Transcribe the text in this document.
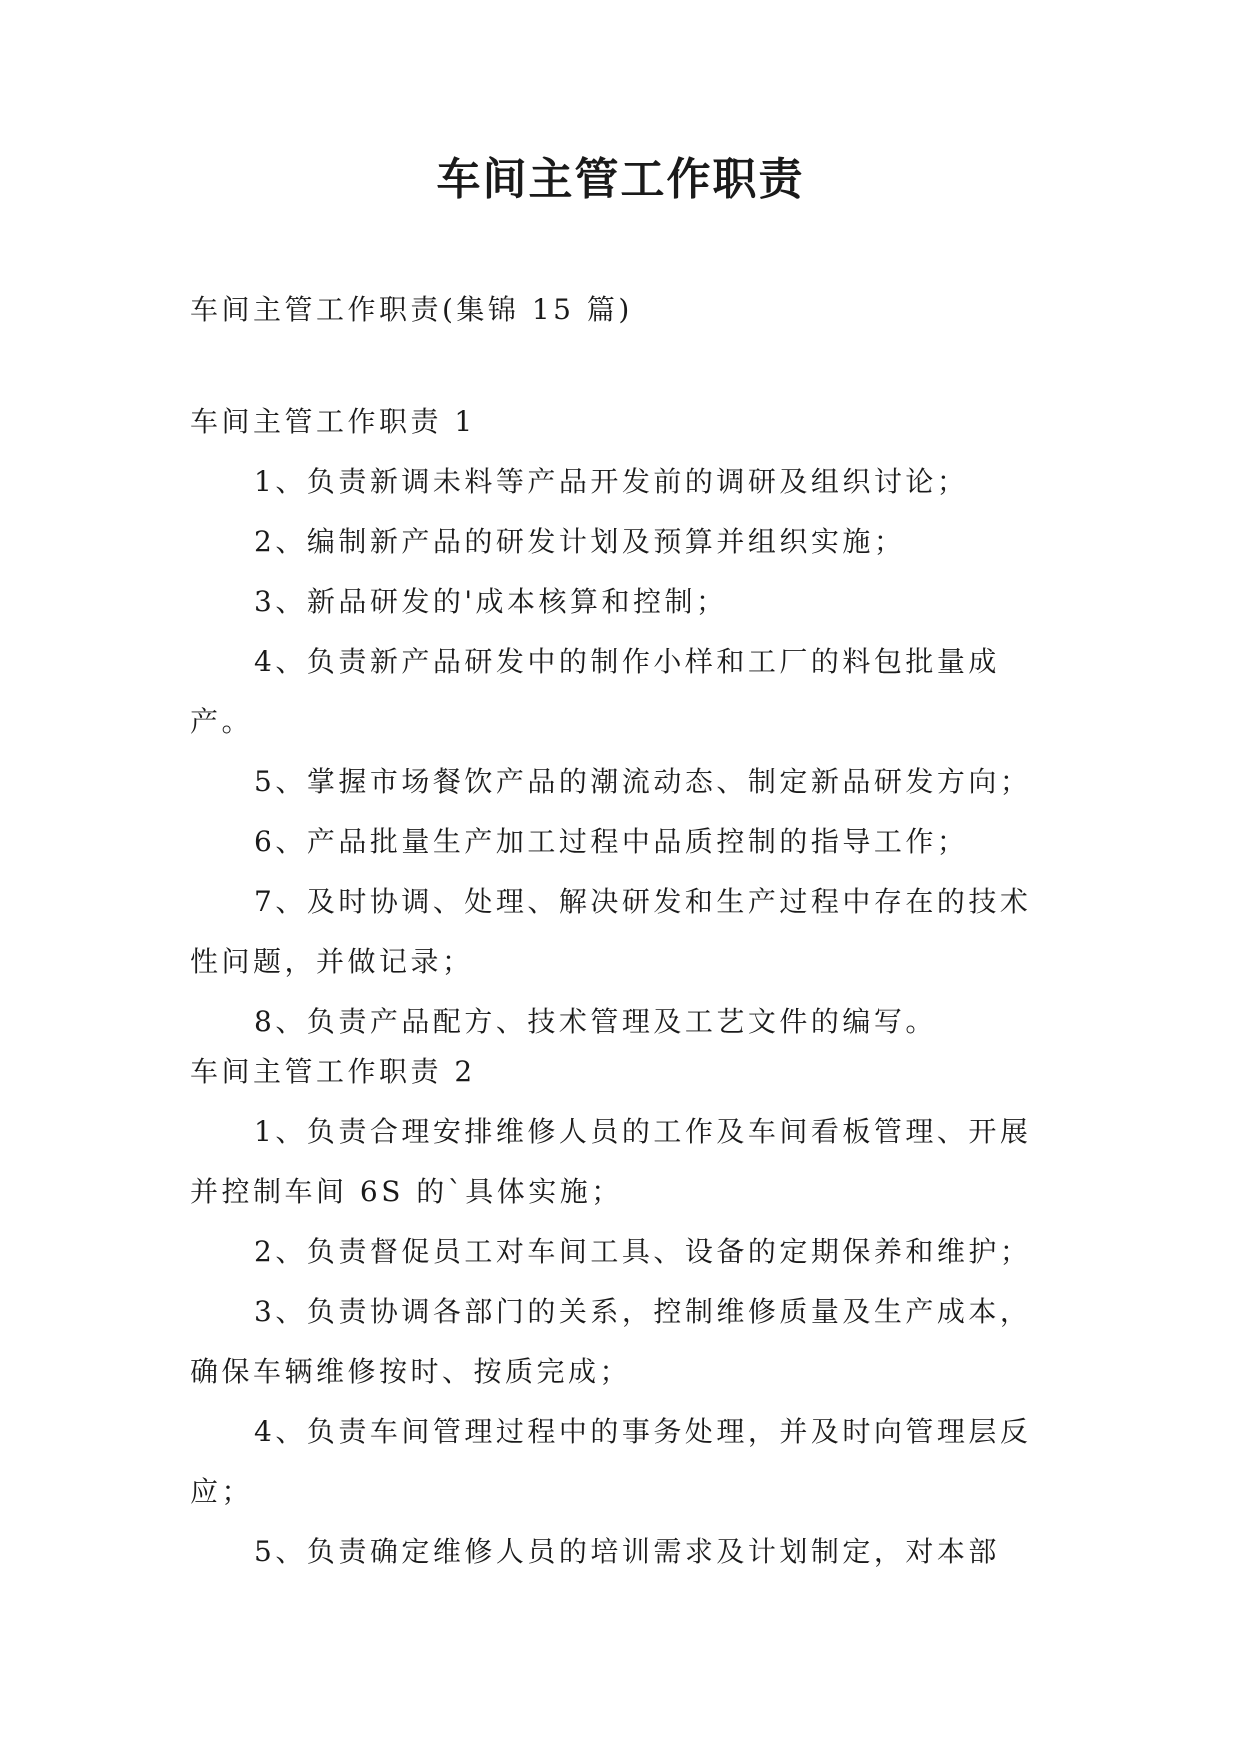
车间主管工作职责
车间主管工作职责(集锦 15 篇)
车间主管工作职责 1
1、负责新调未料等产品开发前的调研及组织讨论；
2、编制新产品的研发计划及预算并组织实施；
3、新品研发的'成本核算和控制；
4、负责新产品研发中的制作小样和工厂的料包批量成产。
5、掌握市场餐饮产品的潮流动态、制定新品研发方向；
6、产品批量生产加工过程中品质控制的指导工作；
7、及时协调、处理、解决研发和生产过程中存在的技术性问题，并做记录；
8、负责产品配方、技术管理及工艺文件的编写。
车间主管工作职责 2
1、负责合理安排维修人员的工作及车间看板管理、开展并控制车间 6S 的`具体实施；
2、负责督促员工对车间工具、设备的定期保养和维护；
3、负责协调各部门的关系，控制维修质量及生产成本，确保车辆维修按时、按质完成；
4、负责车间管理过程中的事务处理，并及时向管理层反应；
5、负责确定维修人员的培训需求及计划制定，对本部
